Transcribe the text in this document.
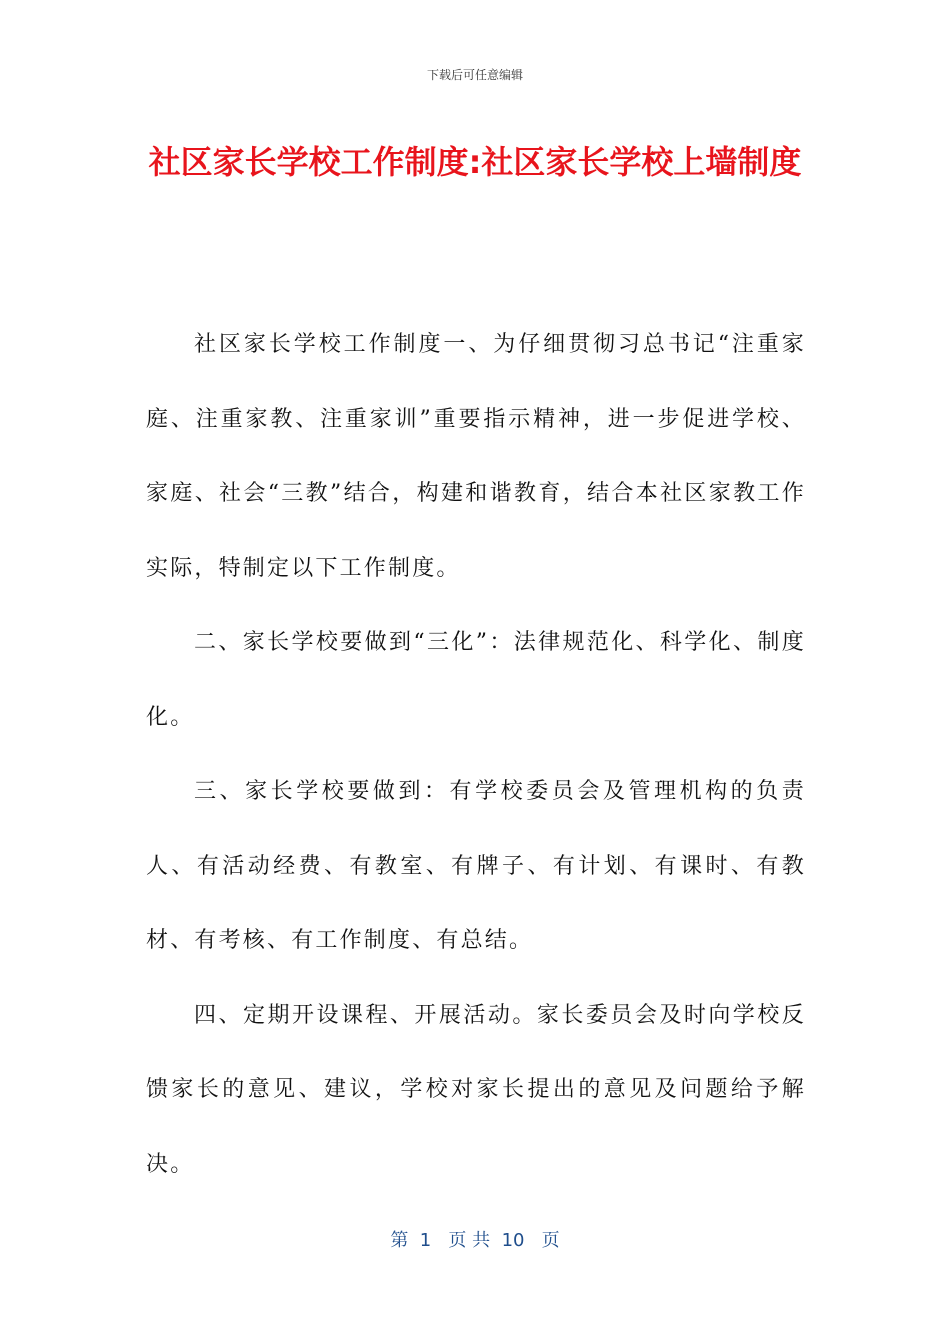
下载后可任意编辑
社区家长学校工作制度:社区家长学校上墙制度

社区家长学校工作制度一、为仔细贯彻习总书记“注重家庭、注重家教、注重家训”重要指示精神，进一步促进学校、家庭、社会“三教”结合，构建和谐教育，结合本社区家教工作实际，特制定以下工作制度。

二、家长学校要做到“三化”：法律规范化、科学化、制度化。

三、家长学校要做到：有学校委员会及管理机构的负责人、有活动经费、有教室、有牌子、有计划、有课时、有教材、有考核、有工作制度、有总结。

四、定期开设课程、开展活动。家长委员会及时向学校反馈家长的意见、建议，学校对家长提出的意见及问题给予解决。

第  1   页 共  10   页
